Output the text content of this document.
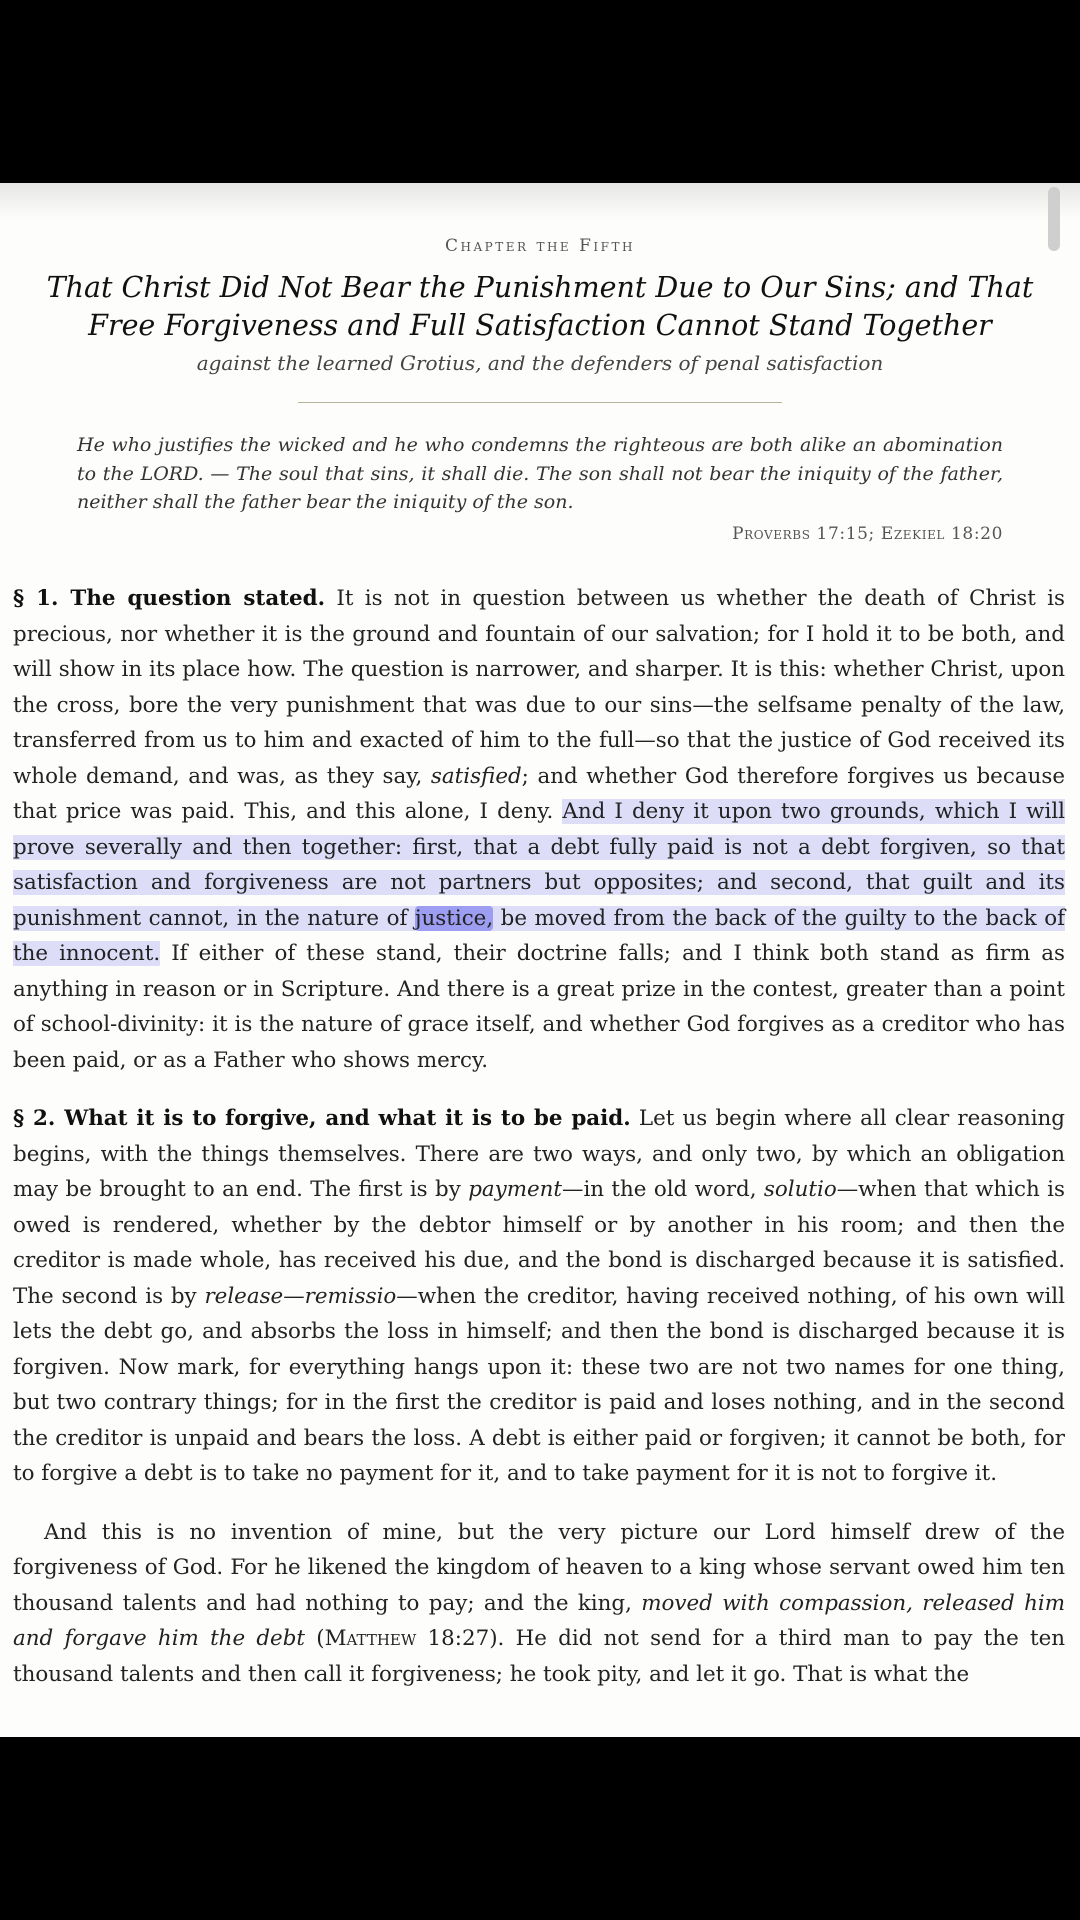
Chapter the Fifth
That Christ Did Not Bear the Punishment Due to Our Sins; and That Free Forgiveness and Full Satisfaction Cannot Stand Together
against the learned Grotius, and the defenders of penal satisfaction

He who justifies the wicked and he who condemns the righteous are both alike an abomination to the LORD. — The soul that sins, it shall die. The son shall not bear the iniquity of the father, neither shall the father bear the iniquity of the son.

Proverbs 17:15; Ezekiel 18:20

§ 1. The question stated. It is not in question between us whether the death of Christ is precious, nor whether it is the ground and fountain of our salvation; for I hold it to be both, and will show in its place how. The question is narrower, and sharper. It is this: whether Christ, upon the cross, bore the very punishment that was due to our sins—the selfsame penalty of the law, transferred from us to him and exacted of him to the full—so that the justice of God received its whole demand, and was, as they say, satisfied; and whether God therefore forgives us because that price was paid. This, and this alone, I deny. And I deny it upon two grounds, which I will prove severally and then together: first, that a debt fully paid is not a debt forgiven, so that satisfaction and forgiveness are not partners but opposites; and second, that guilt and its punishment cannot, in the nature of justice, be moved from the back of the guilty to the back of the innocent. If either of these stand, their doctrine falls; and I think both stand as firm as anything in reason or in Scripture. And there is a great prize in the contest, greater than a point of school-divinity: it is the nature of grace itself, and whether God forgives as a creditor who has been paid, or as a Father who shows mercy.

§ 2. What it is to forgive, and what it is to be paid. Let us begin where all clear reasoning begins, with the things themselves. There are two ways, and only two, by which an obligation may be brought to an end. The first is by payment—in the old word, solutio—when that which is owed is rendered, whether by the debtor himself or by another in his room; and then the creditor is made whole, has received his due, and the bond is discharged because it is satisfied. The second is by release—remissio—when the creditor, having received nothing, of his own will lets the debt go, and absorbs the loss in himself; and then the bond is discharged because it is forgiven. Now mark, for everything hangs upon it: these two are not two names for one thing, but two contrary things; for in the first the creditor is paid and loses nothing, and in the second the creditor is unpaid and bears the loss. A debt is either paid or forgiven; it cannot be both, for to forgive a debt is to take no payment for it, and to take payment for it is not to forgive it.

And this is no invention of mine, but the very picture our Lord himself drew of the forgiveness of God. For he likened the kingdom of heaven to a king whose servant owed him ten thousand talents and had nothing to pay; and the king, moved with compassion, released him and forgave him the debt (Matthew 18:27). He did not send for a third man to pay the ten thousand talents and then call it forgiveness; he took pity, and let it go. That is what the
